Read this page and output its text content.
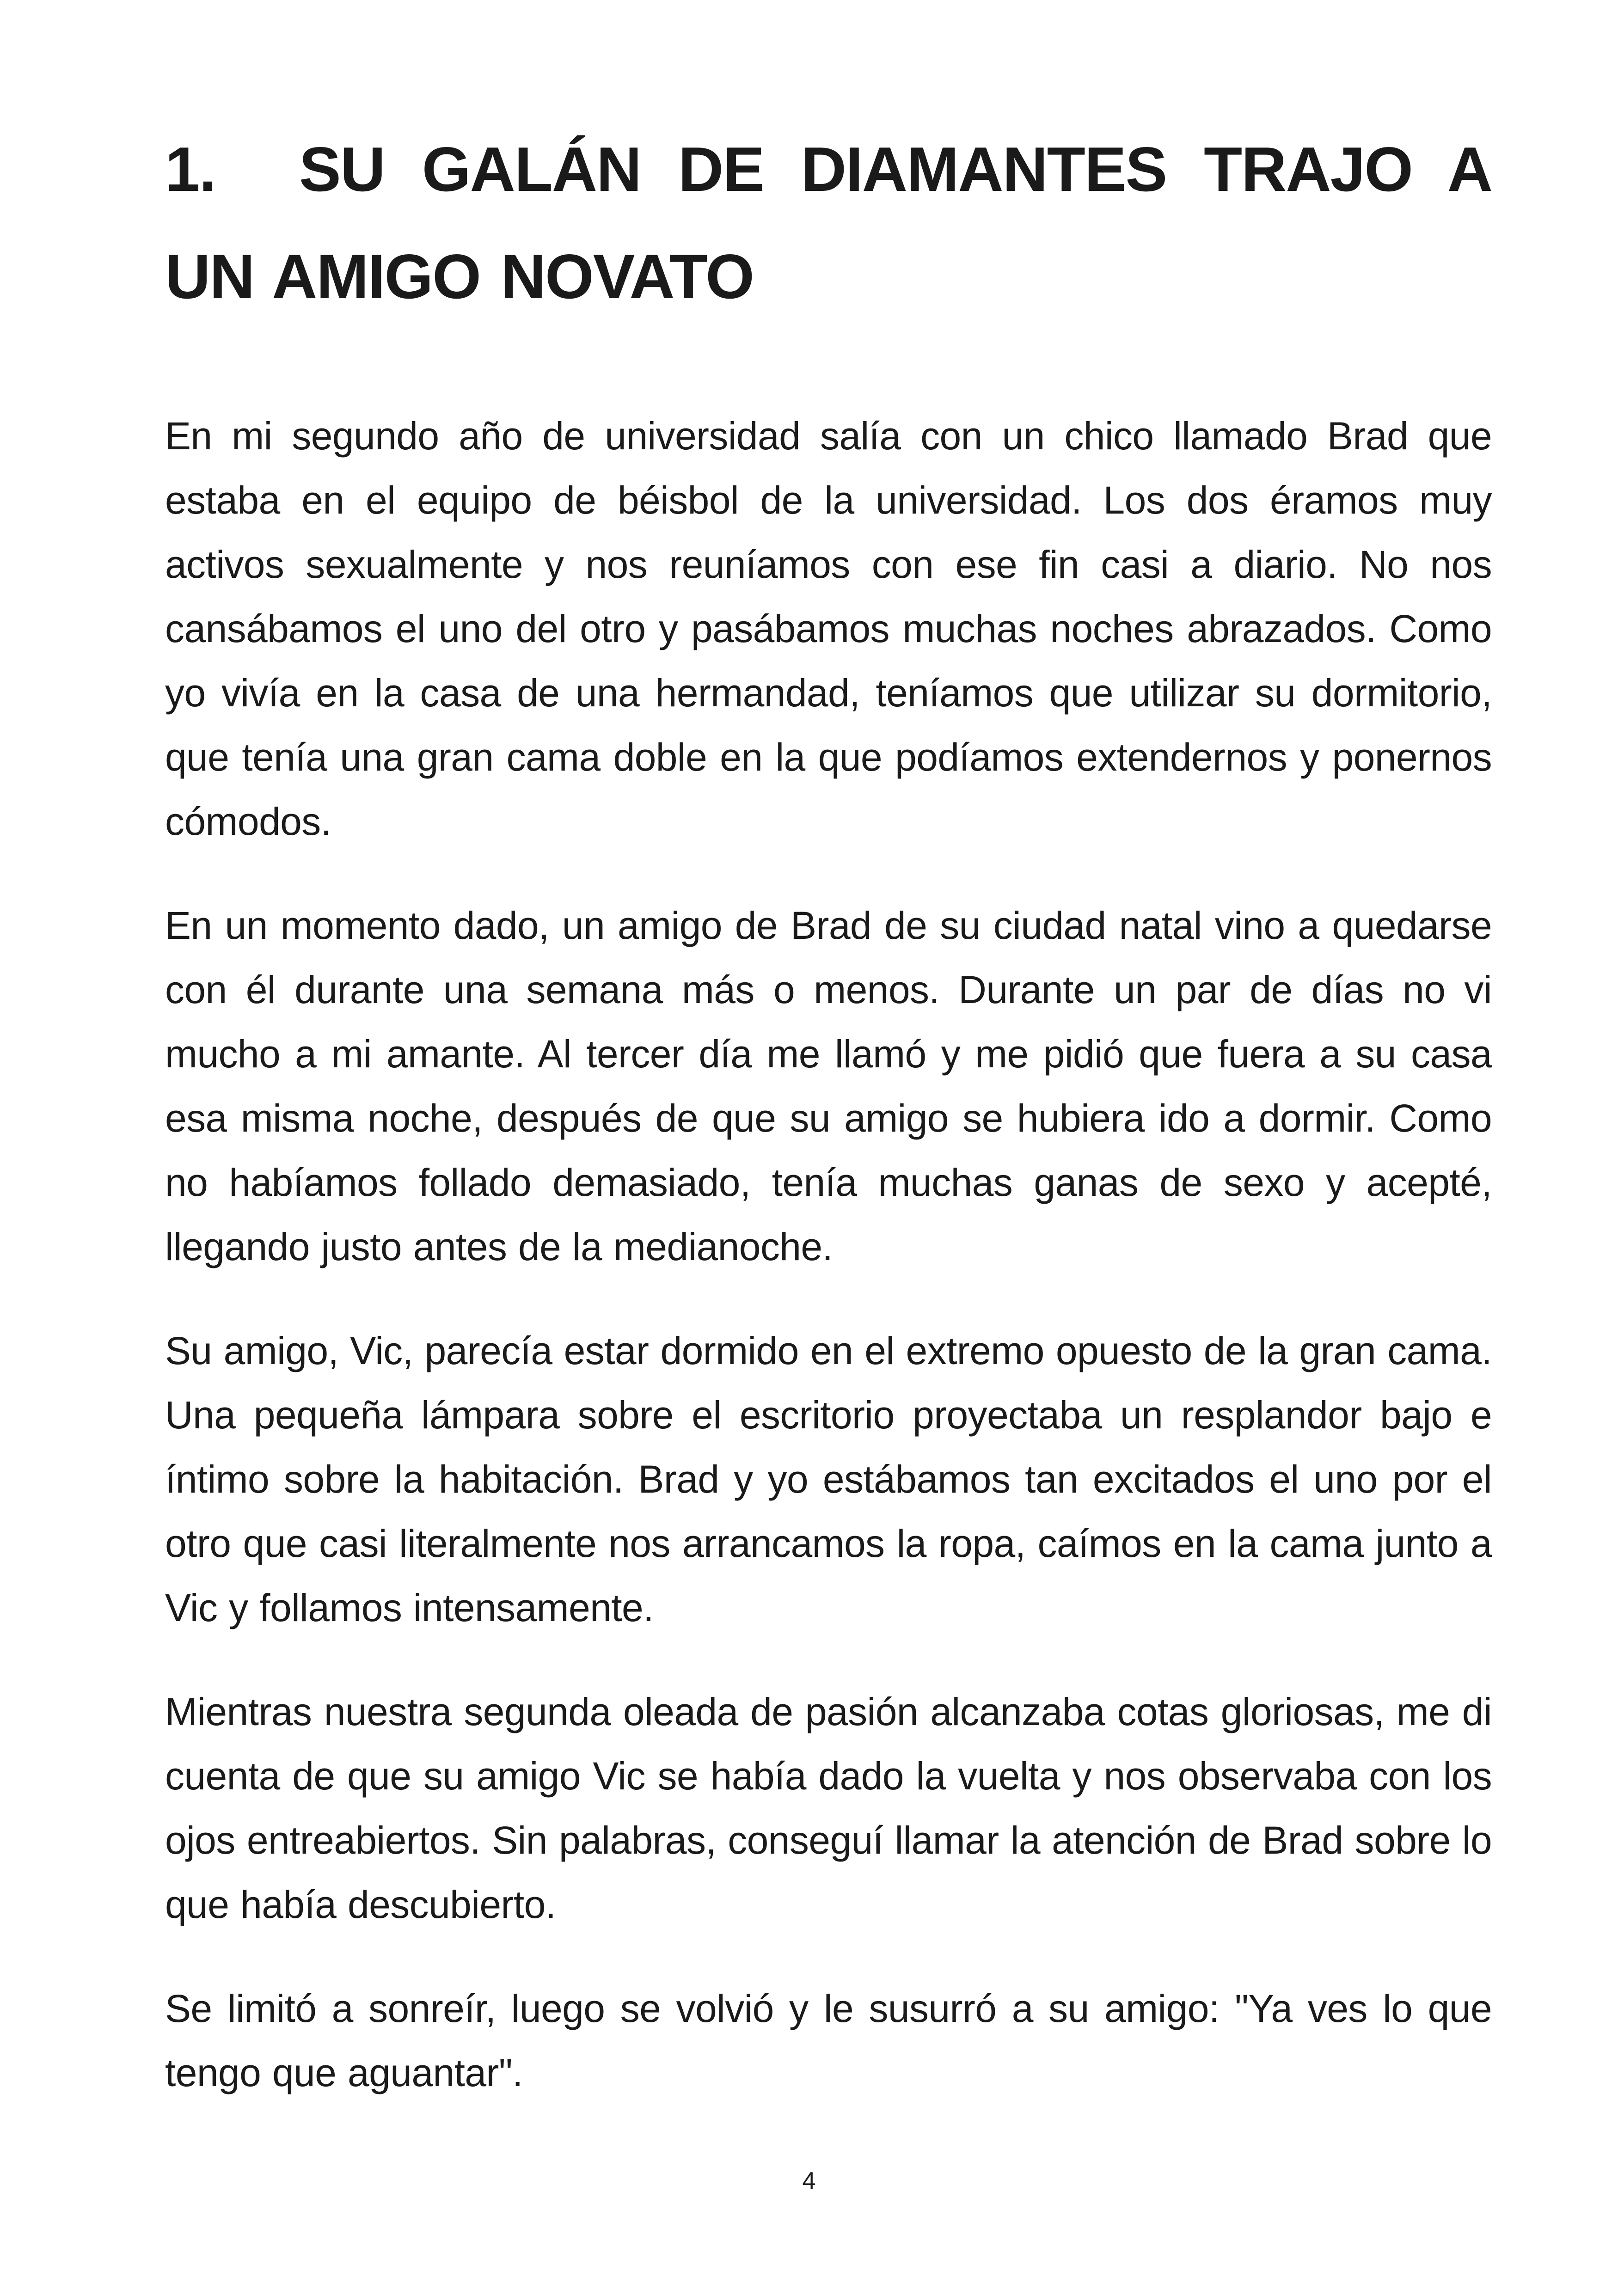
1. SU GALÁN DE DIAMANTES TRAJO A UN AMIGO NOVATO

En mi segundo año de universidad salía con un chico llamado Brad que estaba en el equipo de béisbol de la universidad. Los dos éramos muy activos sexualmente y nos reuníamos con ese fin casi a diario. No nos cansábamos el uno del otro y pasábamos muchas noches abrazados. Como yo vivía en la casa de una hermandad, teníamos que utilizar su dormitorio, que tenía una gran cama doble en la que podíamos extendernos y ponernos cómodos.

En un momento dado, un amigo de Brad de su ciudad natal vino a quedarse con él durante una semana más o menos. Durante un par de días no vi mucho a mi amante. Al tercer día me llamó y me pidió que fuera a su casa esa misma noche, después de que su amigo se hubiera ido a dormir. Como no habíamos follado demasiado, tenía muchas ganas de sexo y acepté, llegando justo antes de la medianoche.

Su amigo, Vic, parecía estar dormido en el extremo opuesto de la gran cama. Una pequeña lámpara sobre el escritorio proyectaba un resplandor bajo e íntimo sobre la habitación. Brad y yo estábamos tan excitados el uno por el otro que casi literalmente nos arrancamos la ropa, caímos en la cama junto a Vic y follamos intensamente.

Mientras nuestra segunda oleada de pasión alcanzaba cotas gloriosas, me di cuenta de que su amigo Vic se había dado la vuelta y nos observaba con los ojos entreabiertos. Sin palabras, conseguí llamar la atención de Brad sobre lo que había descubierto.

Se limitó a sonreír, luego se volvió y le susurró a su amigo: "Ya ves lo que tengo que aguantar".

4
